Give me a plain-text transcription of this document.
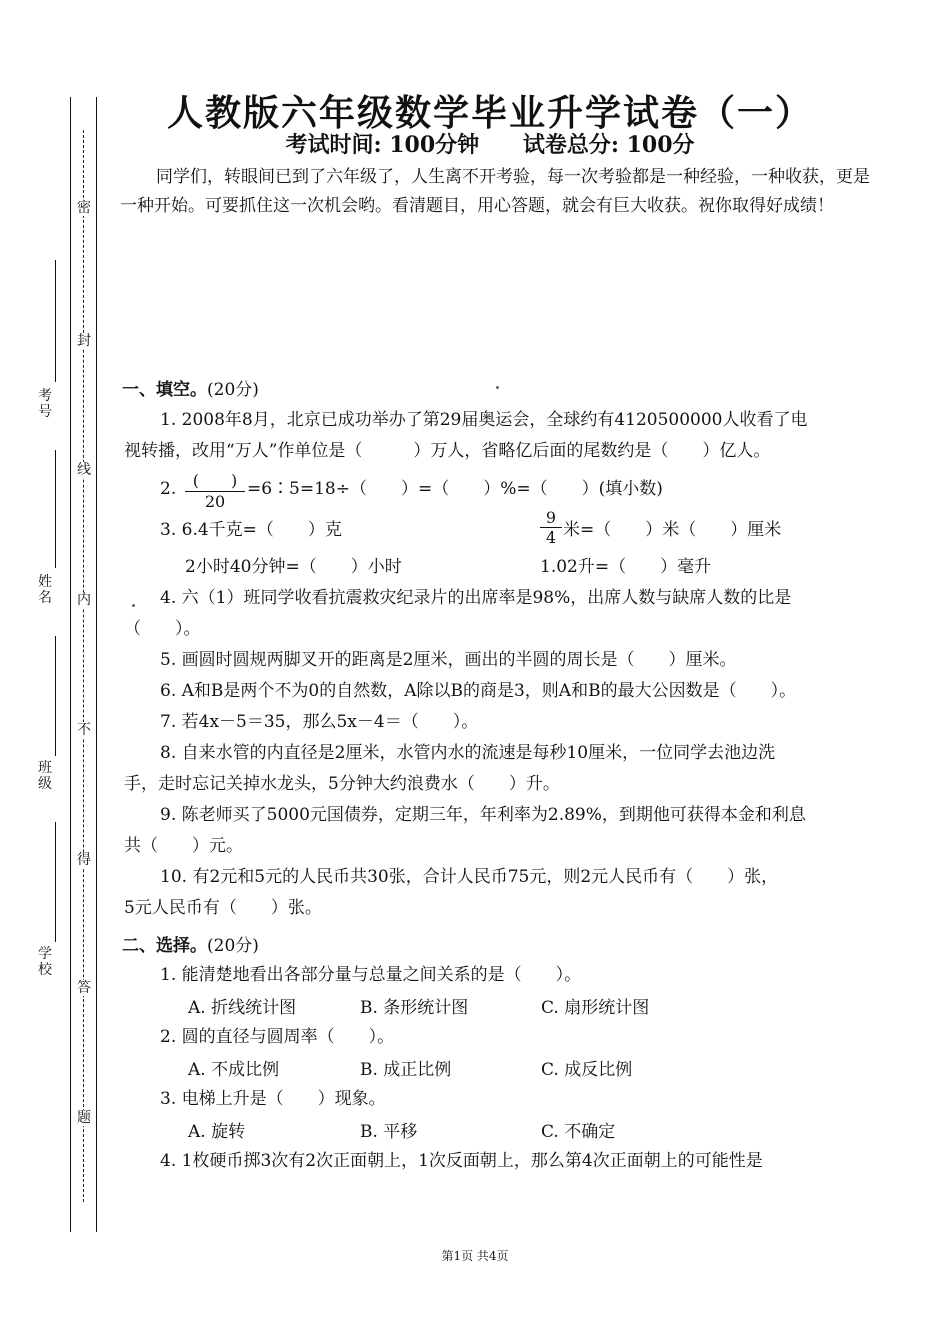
密
封
线
内
不
得
答
题
考
号
姓
名
班
级
学
校
人教版六年级数学毕业升学试卷（一）
考试时间: 100分钟 试卷总分: 100分
同学们，转眼间已到了六年级了，人生离不开考验，每一次考验都是一种经验，一种收获，更是一种开始。可要抓住这一次机会哟。看清题目，用心答题，就会有巨大收获。祝你取得好成绩！
一、填空。(20分)
1. 2008年8月，北京已成功举办了第29届奥运会，全球约有4120500000人收看了电
视转播，改用“万人”作单位是（　　　）万人，省略亿后面的尾数约是（　　）亿人。
2.	(　　)
20
=6∶5=18÷（　　）=（　　）%=（　　）(填小数)
3. 6.4千克=（　　）克	$\frac{9}{4}$ 米=（　　）米（　　）厘米
2小时40分钟=（　　）小时	1.02升=（　　）毫升
4. 六（1）班同学收看抗震救灾纪录片的出席率是98%，出席人数与缺席人数的比是
（　　）。
5. 画圆时圆规两脚叉开的距离是2厘米，画出的半圆的周长是（　　）厘米。
6. A和B是两个不为0的自然数，A除以B的商是3，则A和B的最大公因数是（　　）。
7. 若4x－5＝35，那么5x－4＝（　　）。
8. 自来水管的内直径是2厘米，水管内水的流速是每秒10厘米，一位同学去池边洗
手，走时忘记关掉水龙头，5分钟大约浪费水（　　）升。
9. 陈老师买了5000元国债券，定期三年，年利率为2.89%，到期他可获得本金和利息
共（　　）元。
10. 有2元和5元的人民币共30张，合计人民币75元，则2元人民币有（　　）张，
5元人民币有（　　）张。
二、选择。(20分)
1. 能清楚地看出各部分量与总量之间关系的是（　　）。
A. 折线统计图	B. 条形统计图	C. 扇形统计图
2. 圆的直径与圆周率（　　）。
A. 不成比例	B. 成正比例	C. 成反比例
3. 电梯上升是（　　）现象。
A. 旋转	B. 平移	C. 不确定
4. 1枚硬币掷3次有2次正面朝上，1次反面朝上，那么第4次正面朝上的可能性是
第1页 共4页
